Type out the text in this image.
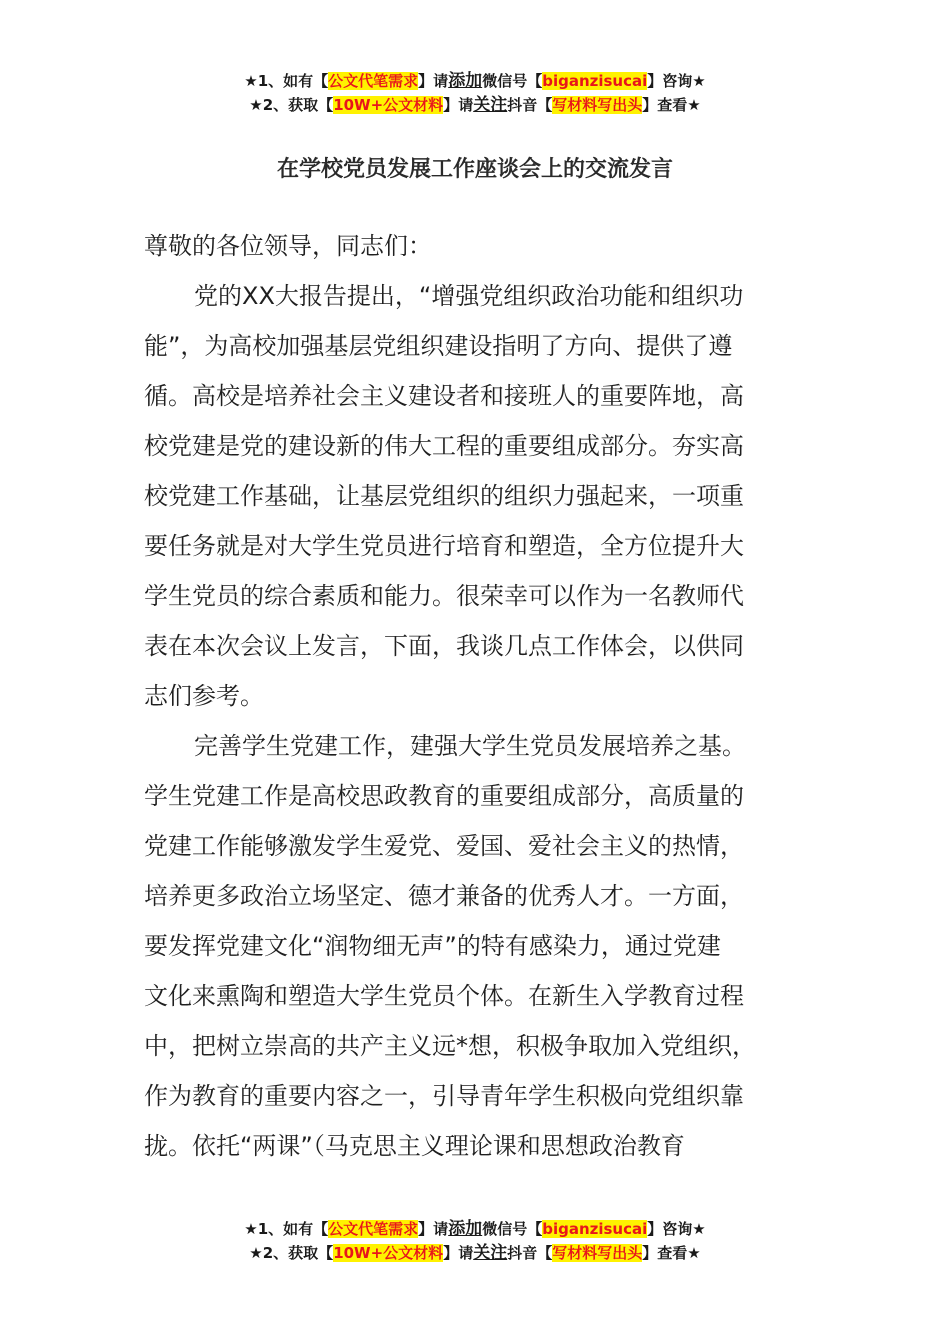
★1、如有【公文代笔需求】请添加微信号【biganzisucai】咨询★
★2、获取【10W+公文材料】请关注抖音【写材料写出头】查看★
在学校党员发展工作座谈会上的交流发言
尊敬的各位领导，同志们：
党的XX大报告提出，“增强党组织政治功能和组织功
能”，为高校加强基层党组织建设指明了方向、提供了遵
循。高校是培养社会主义建设者和接班人的重要阵地，高
校党建是党的建设新的伟大工程的重要组成部分。夯实高
校党建工作基础，让基层党组织的组织力强起来，一项重
要任务就是对大学生党员进行培育和塑造，全方位提升大
学生党员的综合素质和能力。很荣幸可以作为一名教师代
表在本次会议上发言，下面，我谈几点工作体会，以供同
志们参考。
完善学生党建工作，建强大学生党员发展培养之基。
学生党建工作是高校思政教育的重要组成部分，高质量的
党建工作能够激发学生爱党、爱国、爱社会主义的热情，
培养更多政治立场坚定、德才兼备的优秀人才。一方面，
要发挥党建文化“润物细无声”的特有感染力，通过党建
文化来熏陶和塑造大学生党员个体。在新生入学教育过程
中，把树立崇高的共产主义远*想，积极争取加入党组织，
作为教育的重要内容之一，引导青年学生积极向党组织靠
拢。依托“两课”（马克思主义理论课和思想政治教育
★1、如有【公文代笔需求】请添加微信号【biganzisucai】咨询★
★2、获取【10W+公文材料】请关注抖音【写材料写出头】查看★
